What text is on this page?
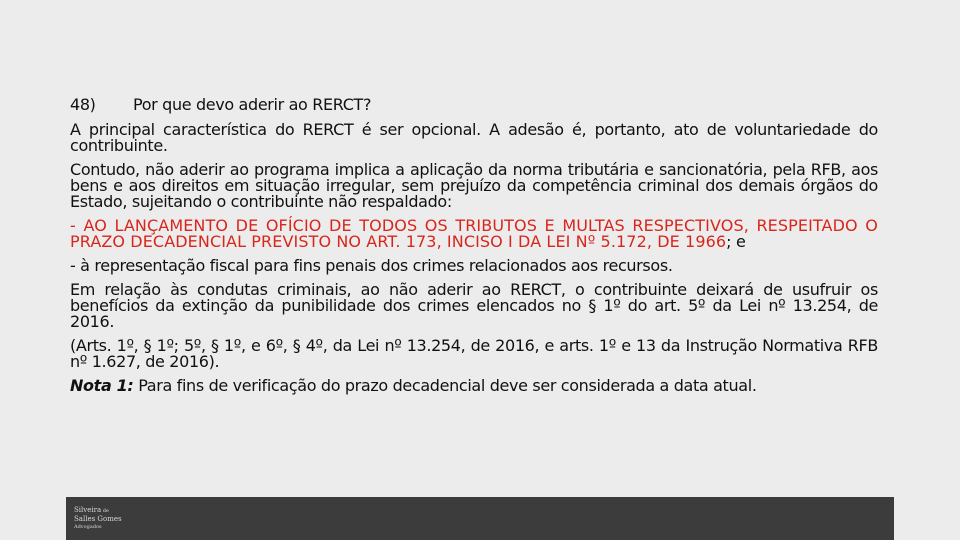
48) Por que devo aderir ao RERCT?

A principal característica do RERCT é ser opcional. A adesão é, portanto, ato de voluntariedade do contribuinte.

Contudo, não aderir ao programa implica a aplicação da norma tributária e sancionatória, pela RFB, aos bens e aos direitos em situação irregular, sem prejuízo da competência criminal dos demais órgãos do Estado, sujeitando o contribuinte não respaldado:

- AO LANÇAMENTO DE OFÍCIO DE TODOS OS TRIBUTOS E MULTAS RESPECTIVOS, RESPEITADO O PRAZO DECADENCIAL PREVISTO NO ART. 173, INCISO I DA LEI Nº 5.172, DE 1966; e

- à representação fiscal para fins penais dos crimes relacionados aos recursos.

Em relação às condutas criminais, ao não aderir ao RERCT, o contribuinte deixará de usufruir os benefícios da extinção da punibilidade dos crimes elencados no § 1º do art. 5º da Lei nº 13.254, de 2016.

(Arts. 1º, § 1º; 5º, § 1º, e 6º, § 4º, da Lei nº 13.254, de 2016, e arts. 1º e 13 da Instrução Normativa RFB nº 1.627, de 2016).

Nota 1: Para fins de verificação do prazo decadencial deve ser considerada a data atual.

Silveira de
Salles Gomes
Advogados
